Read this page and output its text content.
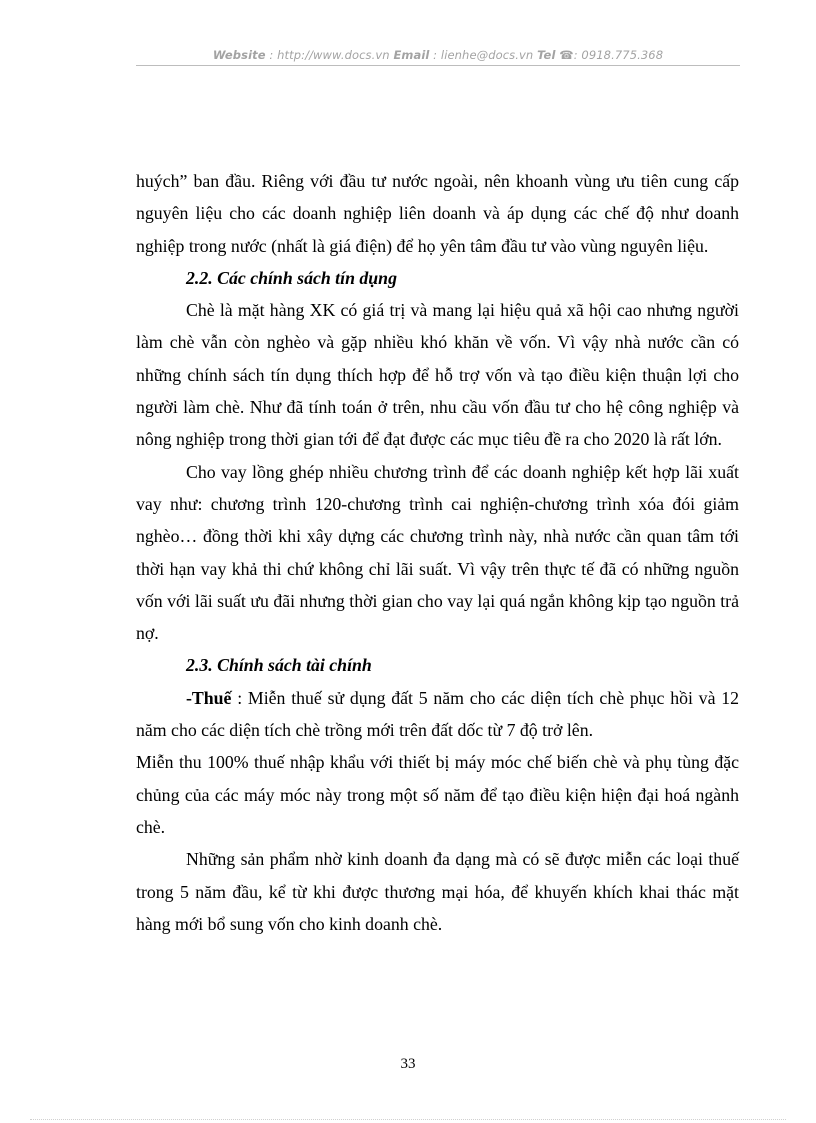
Website : http://www.docs.vn Email : lienhe@docs.vn Tel ☎: 0918.775.368

huých” ban đầu. Riêng với đầu tư nước ngoài, nên khoanh vùng ưu tiên cung cấp nguyên liệu cho các doanh nghiệp liên doanh và áp dụng các chế độ như doanh nghiệp trong nước (nhất là giá điện) để họ yên tâm đầu tư vào vùng nguyên liệu.

2.2. Các chính sách tín dụng

Chè là mặt hàng XK có giá trị và mang lại hiệu quả xã hội cao nhưng người làm chè vẫn còn nghèo và gặp nhiều khó khăn về vốn. Vì vậy nhà nước cần có những chính sách tín dụng thích hợp để hỗ trợ vốn và tạo điều kiện thuận lợi cho người làm chè. Như đã tính toán ở trên, nhu cầu vốn đầu tư cho hệ công nghiệp và nông nghiệp trong thời gian tới để đạt được các mục tiêu đề ra cho 2020 là rất lớn.

Cho vay lồng ghép nhiều chương trình để các doanh nghiệp kết hợp lãi xuất vay như: chương trình 120-chương trình cai nghiện-chương trình xóa đói giảm nghèo… đồng thời khi xây dựng các chương trình này, nhà nước cần quan tâm tới thời hạn vay khả thi chứ không chỉ lãi suất. Vì vậy trên thực tế đã có những nguồn vốn với lãi suất ưu đãi nhưng thời gian cho vay lại quá ngắn không kịp tạo nguồn trả nợ.

2.3. Chính sách tài chính

-Thuế : Miễn thuế sử dụng đất 5 năm cho các diện tích chè phục hồi và 12 năm cho các diện tích chè trồng mới trên đất dốc từ 7 độ trở lên.

Miễn thu 100% thuế nhập khẩu với thiết bị máy móc chế biến chè và phụ tùng đặc chủng của các máy móc này trong một số năm để tạo điều kiện hiện đại hoá ngành chè.

Những sản phẩm nhờ kinh doanh đa dạng mà có sẽ được miễn các loại thuế trong 5 năm đầu, kể từ khi được thương mại hóa, để khuyến khích khai thác mặt hàng mới bổ sung vốn cho kinh doanh chè.

33
